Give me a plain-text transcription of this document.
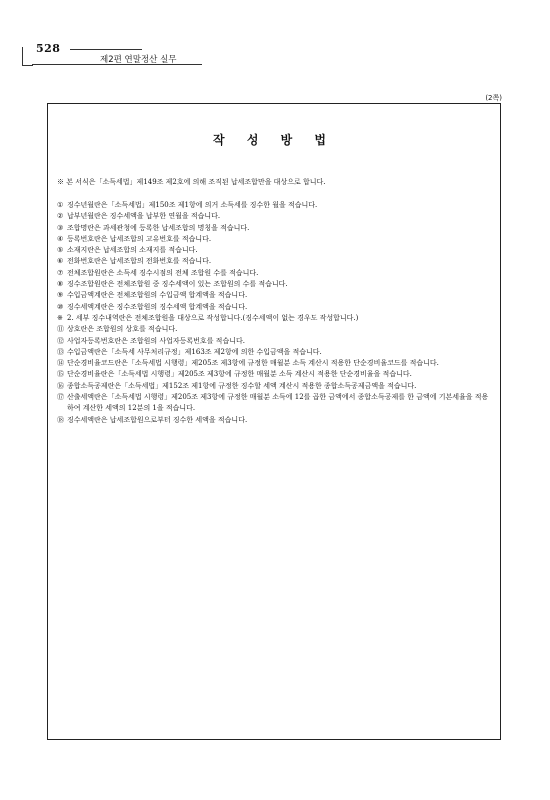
528
제2편 연말정산 실무
(2쪽)
작 성 방 법
※ 본 서식은「소득세법」제149조 제2호에 의해 조직된 납세조합만을 대상으로 합니다.
① 징수년월란은「소득세법」제150조 제1항에 의거 소득세를 징수한 월을 적습니다.
② 납부년월란은 징수세액을 납부한 연월을 적습니다.
③ 조합명란은 과세관청에 등록한 납세조합의 명칭을 적습니다.
④ 등록번호란은 납세조합의 고유번호를 적습니다.
⑤ 소재지란은 납세조합의 소재지를 적습니다.
⑥ 전화번호란은 납세조합의 전화번호를 적습니다.
⑦ 전체조합원란은 소득세 징수시점의 전체 조합원 수를 적습니다.
⑧ 징수조합원란은 전체조합원 중 징수세액이 있는 조합원의 수를 적습니다.
⑨ 수입금액계란은 전체조합원의 수입금액 합계액을 적습니다.
⑩ 징수세액계란은 징수조합원의 징수세액 합계액을 적습니다.
※ 2. 세부 징수내역란은 전체조합원을 대상으로 작성합니다.(징수세액이 없는 경우도 작성합니다.)
⑪ 상호란은 조합원의 상호를 적습니다.
⑫ 사업자등록번호란은 조합원의 사업자등록번호를 적습니다.
⑬ 수입금액란은「소득세 사무처리규정」제163조 제2항에 의한 수입금액을 적습니다.
⑭ 단순경비율코드란은「소득세법 시행령」제205조 제3항에 규정한 매월분 소득 계산시 적용한 단순경비율코드를 적습니다.
⑮ 단순경비율란은「소득세법 시행령」제205조 제3항에 규정한 매월분 소득 계산시 적용한 단순경비율을 적습니다.
⑯ 종합소득공제란은「소득세법」제152조 제1항에 규정한 징수할 세액 계산시 적용한 종합소득공제금액을 적습니다.
⑰ 산출세액란은「소득세법 시행령」제205조 제3항에 규정한 매월분 소득에 12를 곱한 금액에서 종합소득공제를 한 금액에 기본세율을 적용하여 계산한 세액의 12분의 1을 적습니다.
⑱ 징수세액란은 납세조합원으로부터 징수한 세액을 적습니다.
